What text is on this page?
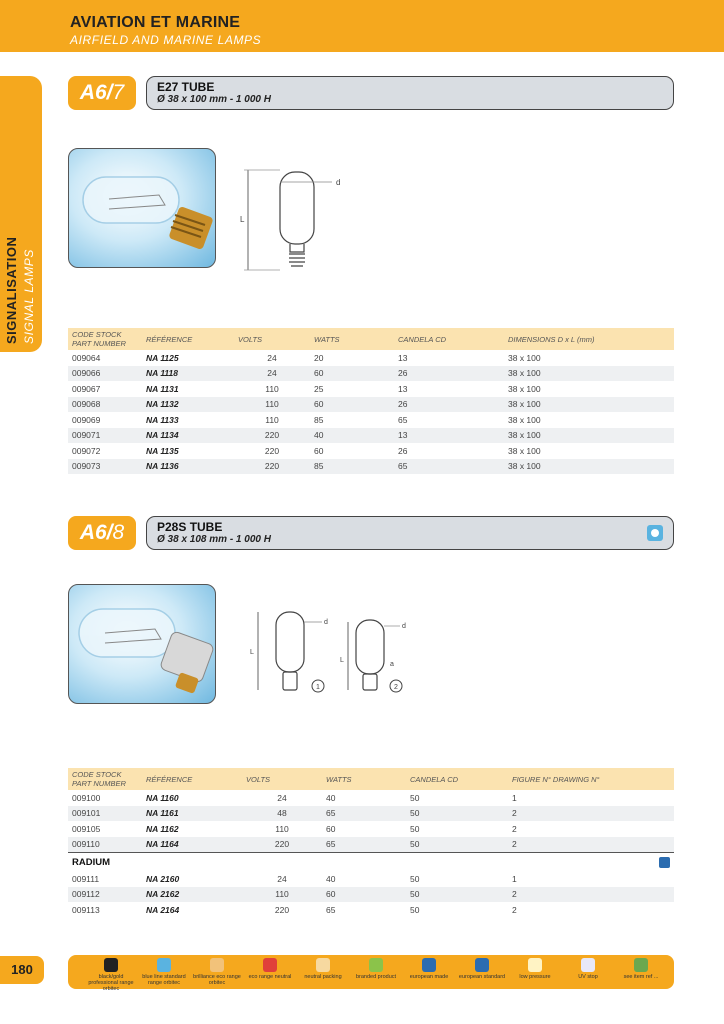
AVIATION ET MARINE
AIRFIELD AND MARINE LAMPS
SIGNALISATION SIGNAL LAMPS
A6/7	E27 TUBE
Ø 38 x 100 mm - 1 000 H
d
L
CODE STOCK PART NUMBER	RÉFÉRENCE	VOLTS	WATTS	CANDELA CD	DIMENSIONS D x L (mm)
009064	NA 1125	24	20	13	38 x 100
009066	NA 1118	24	60	26	38 x 100
009067	NA 1131	110	25	13	38 x 100
009068	NA 1132	110	60	26	38 x 100
009069	NA 1133	110	85	65	38 x 100
009071	NA 1134	220	40	13	38 x 100
009072	NA 1135	220	60	26	38 x 100
009073	NA 1136	220	85	65	38 x 100
A6/8	P28S TUBE
Ø 38 x 108 mm - 1 000 H
d
L
1
d
L
a
2
CODE STOCK PART NUMBER	RÉFÉRENCE	VOLTS	WATTS	CANDELA CD	FIGURE N° DRAWING N°
009100	NA 1160	24	40	50	1
009101	NA 1161	48	65	50	2
009105	NA 1162	110	60	50	2
009110	NA 1164	220	65	50	2
RADIUM					

009111	NA 2160	24	40	50	1
009112	NA 2162	110	60	50	2
009113	NA 2164	220	65	50	2
180	black/gold professional range orbitec
blue line standard range orbitec
brilliance eco range orbitec
eco range neutral	neutral packing	branded product	european made	european standard	low pressure	UV stop	see item ref ...
